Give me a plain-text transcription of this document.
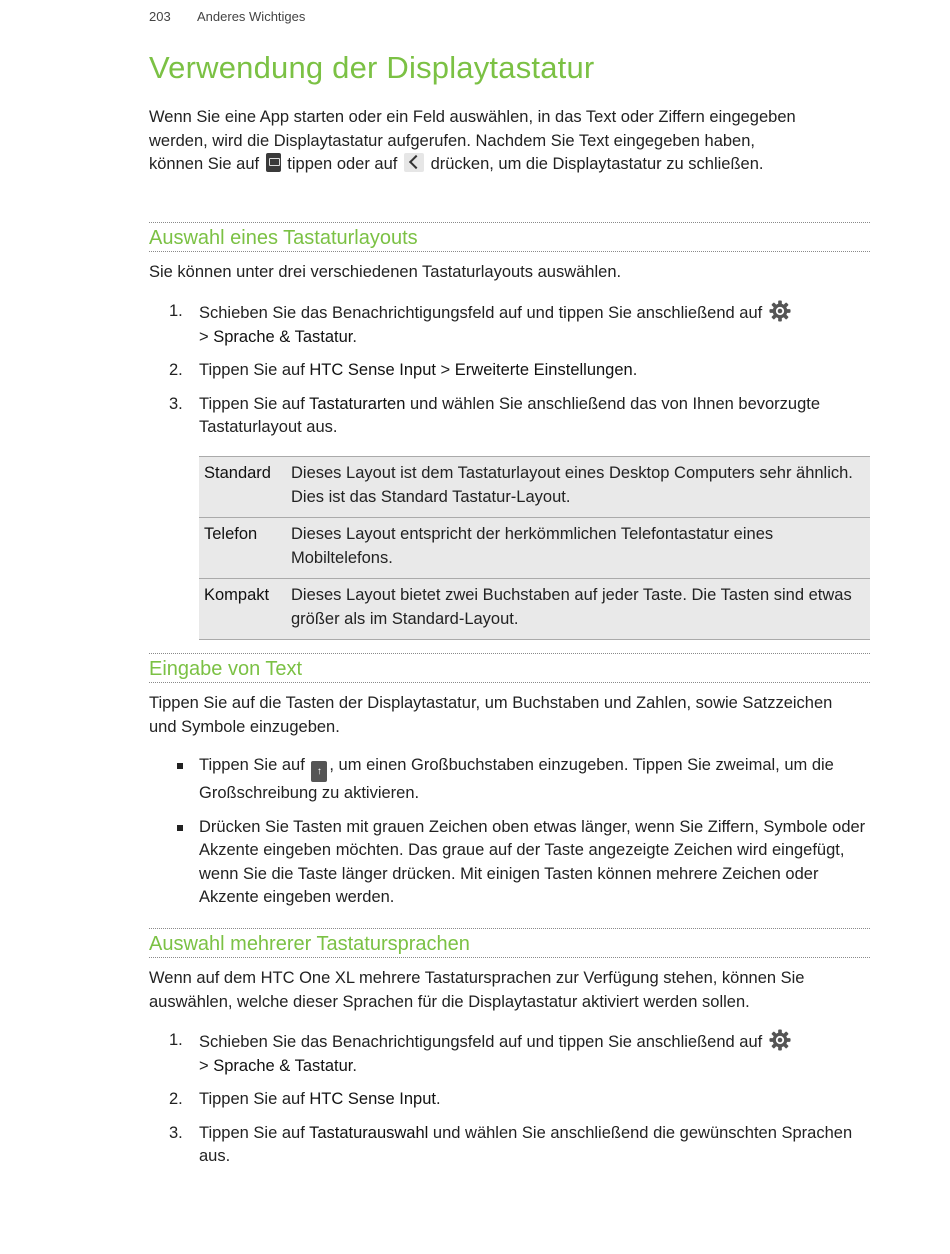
203 Anderes Wichtiges
Verwendung der Displaytastatur

Wenn Sie eine App starten oder ein Feld auswählen, in das Text oder Ziffern eingegeben werden, wird die Displaytastatur aufgerufen. Nachdem Sie Text eingegeben haben, können Sie auf tippen oder auf drücken, um die Displaytastatur zu schließen.

Auswahl eines Tastaturlayouts

Sie können unter drei verschiedenen Tastaturlayouts auswählen.

1. Schieben Sie das Benachrichtigungsfeld auf und tippen Sie anschließend auf
> Sprache & Tastatur.
2. Tippen Sie auf HTC Sense Input > Erweiterte Einstellungen.
3. Tippen Sie auf Tastaturarten und wählen Sie anschließend das von Ihnen bevorzugte Tastaturlayout aus.
Standard	Dieses Layout ist dem Tastaturlayout eines Desktop Computers sehr ähnlich. Dies ist das Standard Tastatur-Layout.
Telefon	Dieses Layout entspricht der herkömmlichen Telefontastatur eines Mobiltelefons.
Kompakt	Dieses Layout bietet zwei Buchstaben auf jeder Taste. Die Tasten sind etwas größer als im Standard-Layout.
Eingabe von Text

Tippen Sie auf die Tasten der Displaytastatur, um Buchstaben und Zahlen, sowie Satzzeichen und Symbole einzugeben.

Tippen Sie auf ↑ , um einen Großbuchstaben einzugeben. Tippen Sie zweimal, um die Großschreibung zu aktivieren.
Drücken Sie Tasten mit grauen Zeichen oben etwas länger, wenn Sie Ziffern, Symbole oder Akzente eingeben möchten. Das graue auf der Taste angezeigte Zeichen wird eingefügt, wenn Sie die Taste länger drücken. Mit einigen Tasten können mehrere Zeichen oder Akzente eingeben werden.
Auswahl mehrerer Tastatursprachen

Wenn auf dem HTC One XL mehrere Tastatursprachen zur Verfügung stehen, können Sie auswählen, welche dieser Sprachen für die Displaytastatur aktiviert werden sollen.

1. Schieben Sie das Benachrichtigungsfeld auf und tippen Sie anschließend auf
> Sprache & Tastatur.
2. Tippen Sie auf HTC Sense Input.
3. Tippen Sie auf Tastaturauswahl und wählen Sie anschließend die gewünschten Sprachen aus.
